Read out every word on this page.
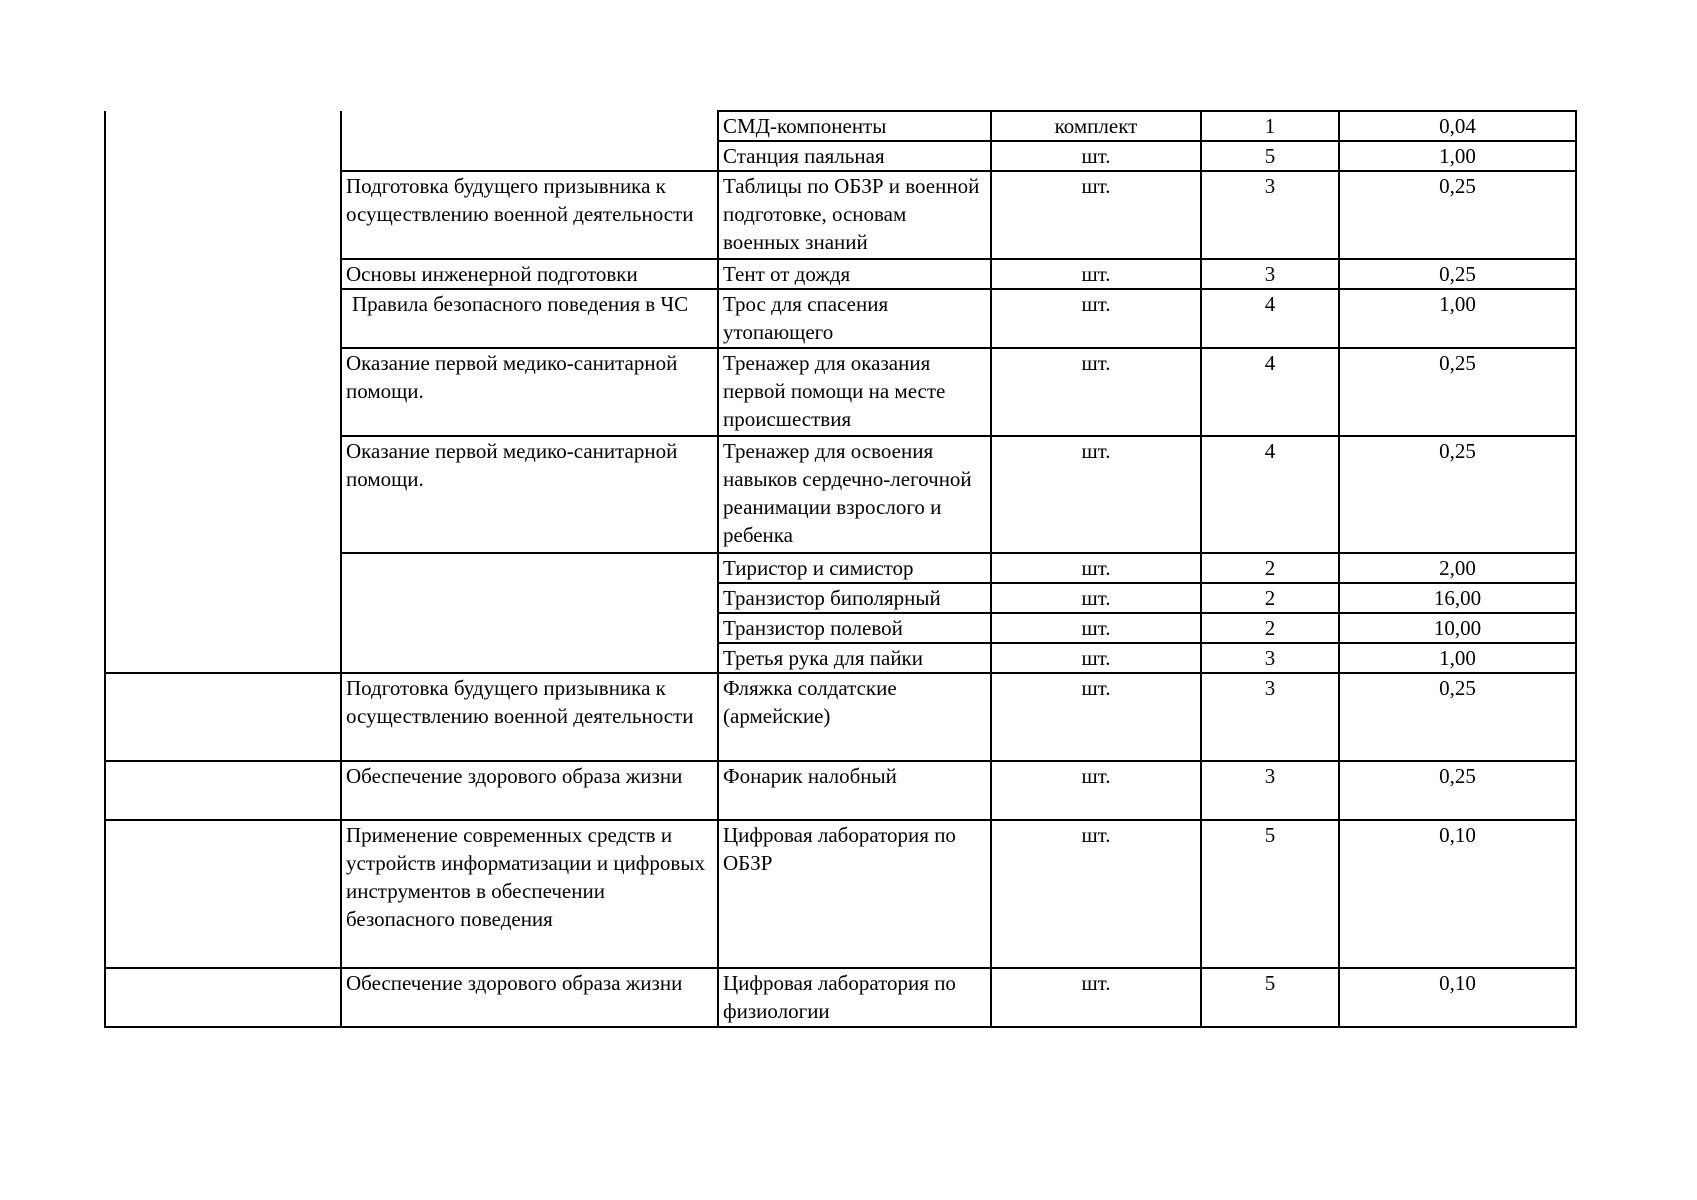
		СМД-компоненты	комплект	1	0,04
		Станция паяльная	шт.	5	1,00
	Подготовка будущего призывника к осуществлению военной деятельности	Таблицы по ОБЗР и военной подготовке, основам военных знаний	шт.	3	0,25
	Основы инженерной подготовки	Тент от дождя	шт.	3	0,25
	Правила безопасного поведения в ЧС	Трос для спасения утопающего	шт.	4	1,00
	Оказание первой медико-санитарной помощи.	Тренажер для оказания первой помощи на месте происшествия	шт.	4	0,25
	Оказание первой медико-санитарной помощи.	Тренажер для освоения навыков сердечно-легочной реанимации взрослого и ребенка	шт.	4	0,25
		Тиристор и симистор	шт.	2	2,00
		Транзистор биполярный	шт.	2	16,00
		Транзистор полевой	шт.	2	10,00
		Третья рука для пайки	шт.	3	1,00
	Подготовка будущего призывника к осуществлению военной деятельности	Фляжка солдатские (армейские)	шт.	3	0,25
	Обеспечение здорового образа жизни	Фонарик налобный	шт.	3	0,25
	Применение современных средств и устройств информатизации и цифровых инструментов в обеспечении безопасного поведения	Цифровая лаборатория по ОБЗР	шт.	5	0,10
	Обеспечение здорового образа жизни	Цифровая лаборатория по физиологии	шт.	5	0,10
